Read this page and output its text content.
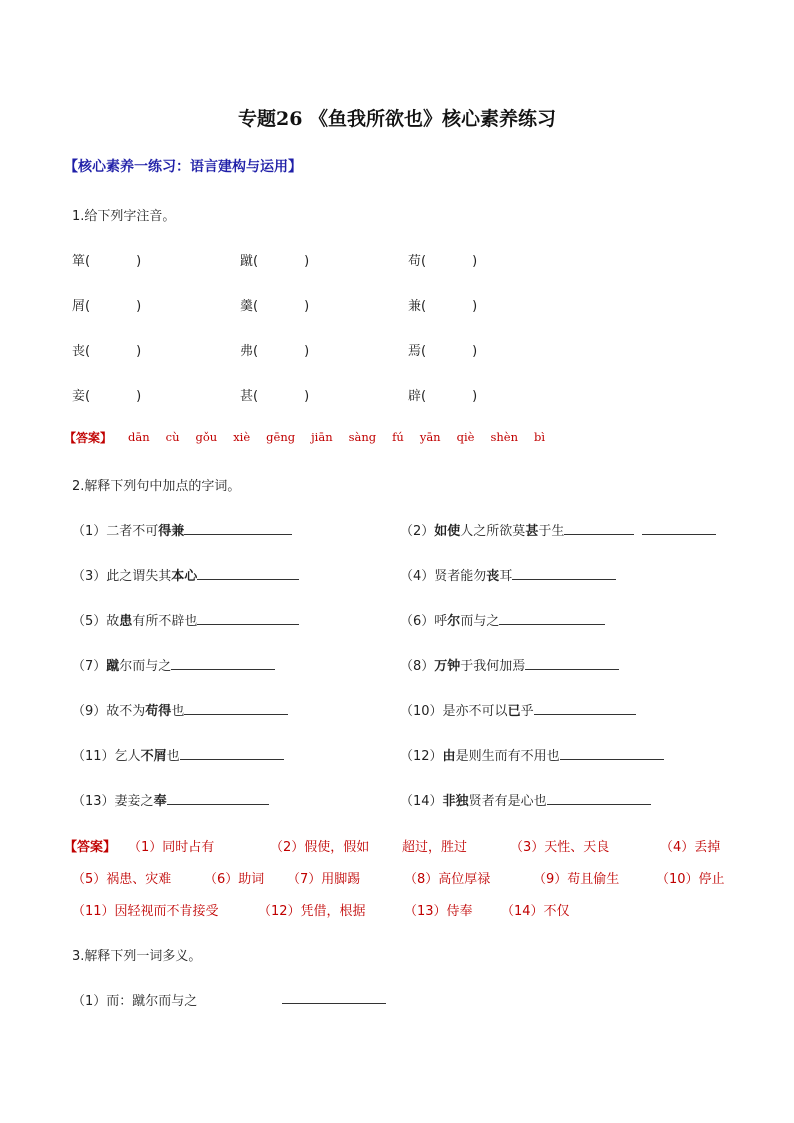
专题26 《鱼我所欲也》核心素养练习
【核心素养一练习：语言建构与运用】
1.给下列字注音。
箪(	)	蹴(	)	苟(	)
屑(	)	羹(	)	兼(	)
丧(	)	弗(	)	焉(	)
妾(	)	甚(	)	辟(	)
【答案】 dān cù gǒu xiè gēng jiān sàng fú yān qiè shèn bì
2.解释下列句中加点的字词。
（1）二者不可得兼	（2）如使人之所欲莫甚于生
（3）此之谓失其本心	（4）贤者能勿丧耳
（5）故患有所不辟也	（6）呼尔而与之
（7）蹴尔而与之	（8）万钟于我何加焉
（9）故不为苟得也	（10）是亦不可以已乎
（11）乞人不屑也	（12）由是则生而有不用也
（13）妻妾之奉	（14）非独贤者有是心也
【答案】 （1）同时占有	（2）假使，假如	超过，胜过	（3）天性、天良	（4）丢掉
（5）祸患、灾难	（6）助词 （7）用脚踢	（8）高位厚禄	（9）苟且偷生	（10）停止
（11）因轻视而不肯接受	（12）凭借，根据	（13）侍奉 （14）不仅
3.解释下列一词多义。
（1）而：蹴尔而与之
